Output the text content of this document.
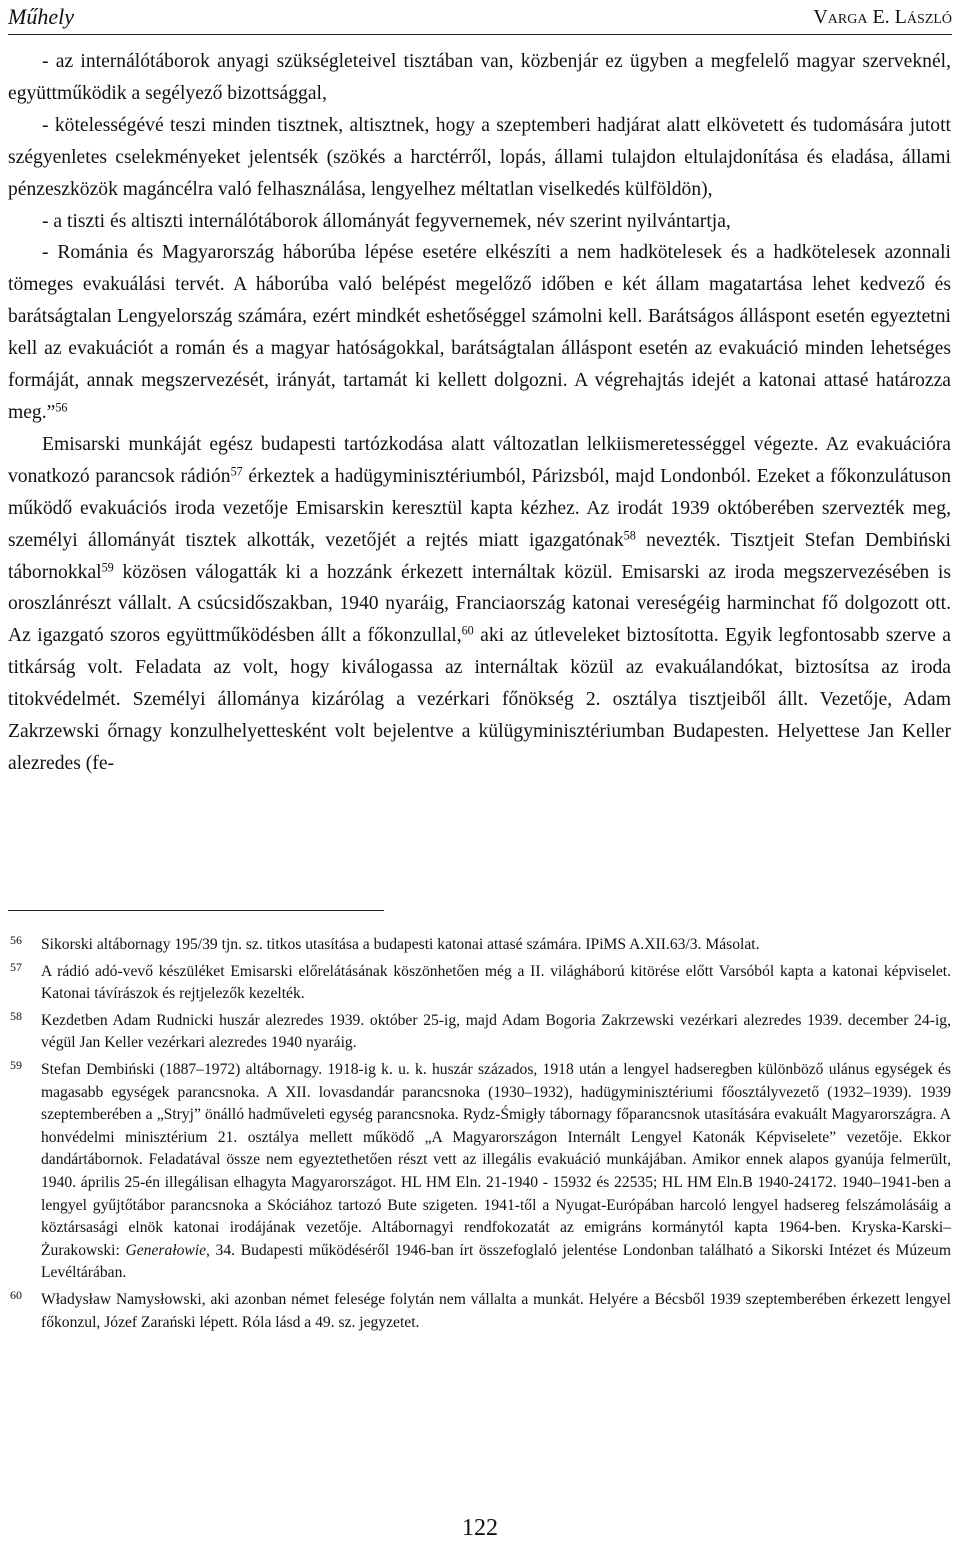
Műhely	Varga E. László

- az internálótáborok anyagi szükségleteivel tisztában van, közbenjár ez ügyben a megfelelő magyar szerveknél, együttműködik a segélyező bizottsággal,

- kötelességévé teszi minden tisztnek, altisztnek, hogy a szeptemberi hadjárat alatt elkövetett és tudomására jutott szégyenletes cselekményeket jelentsék (szökés a harctérről, lopás, állami tulajdon eltulajdonítása és eladása, állami pénzeszközök magáncélra való felhasználása, lengyelhez méltatlan viselkedés külföldön),

- a tiszti és altiszti internálótáborok állományát fegyvernemek, név szerint nyilvántartja,

- Románia és Magyarország háborúba lépése esetére elkészíti a nem hadkötelesek és a hadkötelesek azonnali tömeges evakuálási tervét. A háborúba való belépést megelőző időben e két állam magatartása lehet kedvező és barátságtalan Lengyelország számára, ezért mindkét eshetőséggel számolni kell. Barátságos álláspont esetén egyeztetni kell az evakuációt a román és a magyar hatóságokkal, barátságtalan álláspont esetén az evakuáció minden lehetséges formáját, annak megszervezését, irányát, tartamát ki kellett dolgozni. A végrehajtás idejét a katonai attasé határozza meg.”$^{56}$

Emisarski munkáját egész budapesti tartózkodása alatt változatlan lelkiismeretességgel végezte. Az evakuációra vonatkozó parancsok rádión$^{57}$ érkeztek a hadügyminisztériumból, Párizsból, majd Londonból. Ezeket a főkonzulátuson működő evakuációs iroda vezetője Emisarskin keresztül kapta kézhez. Az irodát 1939 októberében szervezték meg, személyi állományát tisztek alkották, vezetőjét a rejtés miatt igazgatónak$^{58}$ nevezték. Tisztjeit Stefan Dembiński tábornokkal$^{59}$ közösen válogatták ki a hozzánk érkezett internáltak közül. Emisarski az iroda megszervezésében is oroszlánrészt vállalt. A csúcsidőszakban, 1940 nyaráig, Franciaország katonai vereségéig harminchat fő dolgozott ott. Az igazgató szoros együttműködésben állt a főkonzullal,$^{60}$ aki az útleveleket biztosította. Egyik legfontosabb szerve a titkárság volt. Feladata az volt, hogy kiválogassa az internáltak közül az evakuálandókat, biztosítsa az iroda titokvédelmét. Személyi állománya kizárólag a vezérkari főnökség 2. osztálya tisztjeiből állt. Vezetője, Adam Zakrzewski őrnagy konzulhelyettesként volt bejelentve a külügyminisztériumban Budapesten. Helyettese Jan Keller alezredes (fe-

56 Sikorski altábornagy 195/39 tjn. sz. titkos utasítása a budapesti katonai attasé számára. IPiMS A.XII.63/3. Másolat.
57 A rádió adó-vevő készüléket Emisarski előrelátásának köszönhetően még a II. világháború kitörése előtt Varsóból kapta a katonai képviselet. Katonai távírászok és rejtjelezők kezelték.
58 Kezdetben Adam Rudnicki huszár alezredes 1939. október 25-ig, majd Adam Bogoria Zakrzewski vezérkari alezredes 1939. december 24-ig, végül Jan Keller vezérkari alezredes 1940 nyaráig.
59 Stefan Dembiński (1887–1972) altábornagy. 1918-ig k. u. k. huszár százados, 1918 után a lengyel hadseregben különböző ulánus egységek és magasabb egységek parancsnoka. A XII. lovasdandár parancsnoka (1930–1932), hadügyminisztériumi főosztályvezető (1932–1939). 1939 szeptemberében a „Stryj” önálló hadműveleti egység parancsnoka. Rydz-Śmigły tábornagy főparancsnok utasítására evakuált Magyarországra. A honvédelmi minisztérium 21. osztálya mellett működő „A Magyarországon Internált Lengyel Katonák Képviselete” vezetője. Ekkor dandártábornok. Feladatával össze nem egyeztethetően részt vett az illegális evakuáció munkájában. Amikor ennek alapos gyanúja felmerült, 1940. április 25-én illegálisan elhagyta Magyarországot. HL HM Eln. 21-1940 - 15932 és 22535; HL HM Eln.B 1940-24172. 1940–1941-ben a lengyel gyűjtőtábor parancsnoka a Skóciához tartozó Bute szigeten. 1941-től a Nyugat-Európában harcoló lengyel hadsereg felszámolásáig a köztársasági elnök katonai irodájának vezetője. Altábornagyi rendfokozatát az emigráns kormánytól kapta 1964-ben. Kryska-Karski–Żurakowski: Generałowie, 34. Budapesti működéséről 1946-ban írt összefoglaló jelentése Londonban található a Sikorski Intézet és Múzeum Levéltárában.
60 Władysław Namysłowski, aki azonban német felesége folytán nem vállalta a munkát. Helyére a Bécsből 1939 szeptemberében érkezett lengyel főkonzul, Józef Zarański lépett. Róla lásd a 49. sz. jegyzetet.
122
